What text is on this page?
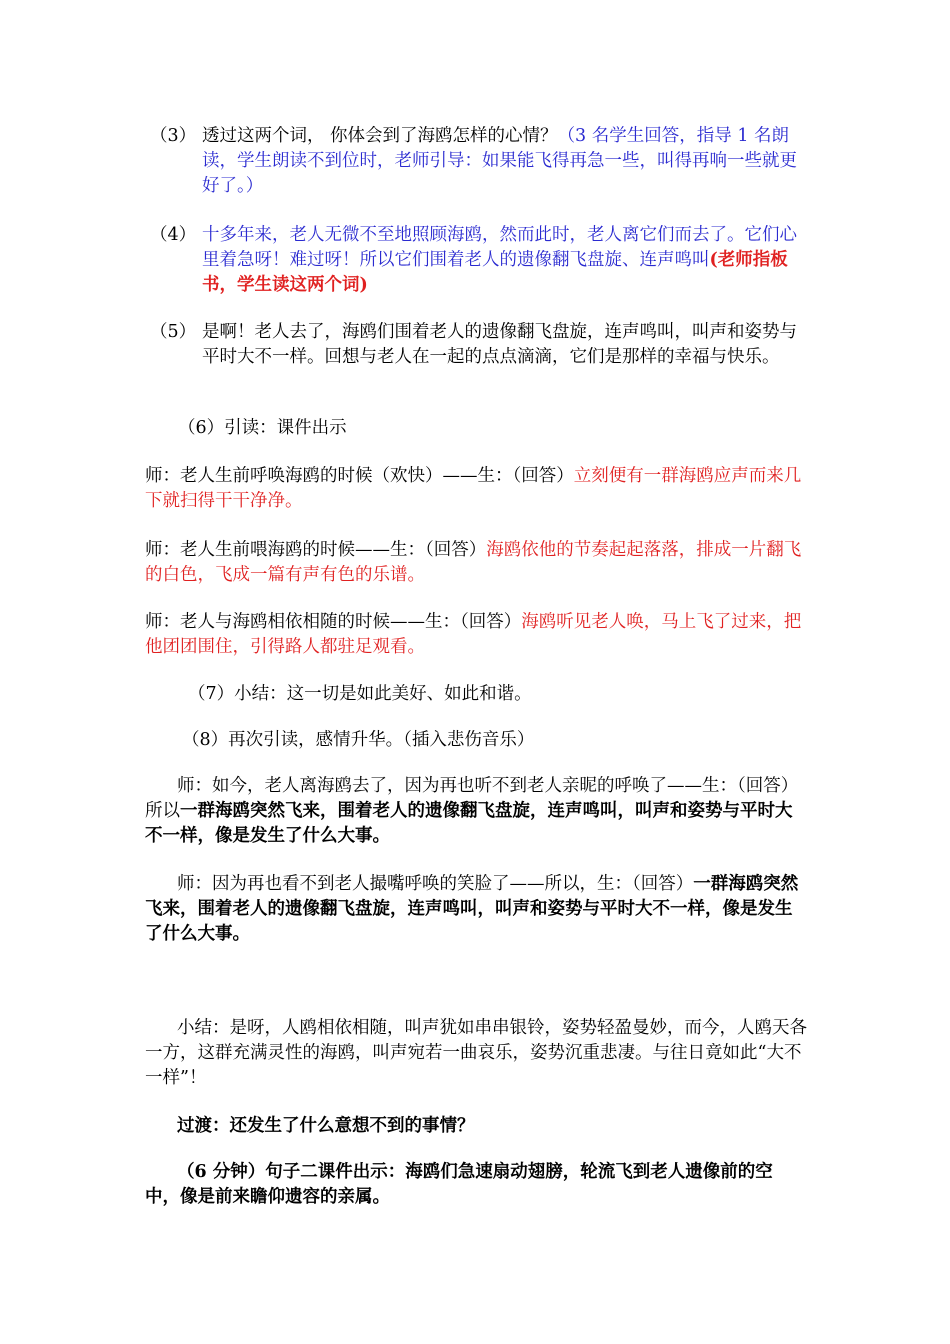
（3） 透过这两个词， 你体会到了海鸥怎样的心情？（3 名学生回答，指导 1 名朗读，学生朗读不到位时，老师引导：如果能飞得再急一些，叫得再响一些就更好了。）
（4） 十多年来，老人无微不至地照顾海鸥，然而此时，老人离它们而去了。它们心里着急呀！难过呀！所以它们围着老人的遗像翻飞盘旋、连声鸣叫(老师指板书，学生读这两个词)
（5） 是啊！老人去了，海鸥们围着老人的遗像翻飞盘旋，连声鸣叫，叫声和姿势与平时大不一样。回想与老人在一起的点点滴滴，它们是那样的幸福与快乐。
（6）引读：课件出示
师：老人生前呼唤海鸥的时候（欢快）——生：（回答）立刻便有一群海鸥应声而来几下就扫得干干净净。
师：老人生前喂海鸥的时候——生：（回答）海鸥依他的节奏起起落落，排成一片翻飞的白色，飞成一篇有声有色的乐谱。
师：老人与海鸥相依相随的时候——生：（回答）海鸥听见老人唤，马上飞了过来，把他团团围住，引得路人都驻足观看。
（7）小结：这一切是如此美好、如此和谐。
（8）再次引读，感情升华。（插入悲伤音乐）
师：如今，老人离海鸥去了，因为再也听不到老人亲昵的呼唤了——生：（回答）所以一群海鸥突然飞来，围着老人的遗像翻飞盘旋，连声鸣叫，叫声和姿势与平时大不一样，像是发生了什么大事。
师：因为再也看不到老人撮嘴呼唤的笑脸了——所以，生：（回答）一群海鸥突然飞来，围着老人的遗像翻飞盘旋，连声鸣叫，叫声和姿势与平时大不一样，像是发生了什么大事。
小结：是呀，人鸥相依相随，叫声犹如串串银铃，姿势轻盈曼妙，而今，人鸥天各一方，这群充满灵性的海鸥，叫声宛若一曲哀乐，姿势沉重悲凄。与往日竟如此“大不一样”！
过渡：还发生了什么意想不到的事情？
（6 分钟）句子二课件出示：海鸥们急速扇动翅膀，轮流飞到老人遗像前的空中，像是前来瞻仰遗容的亲属。
